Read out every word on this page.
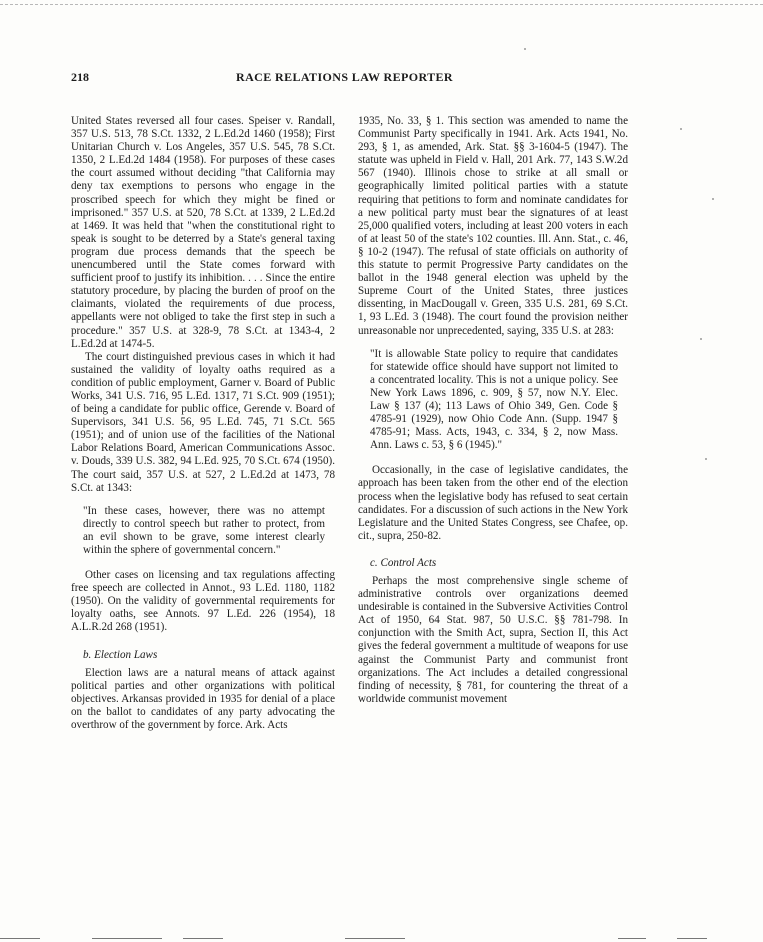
218	RACE RELATIONS LAW REPORTER

United States reversed all four cases. Speiser v. Randall, 357 U.S. 513, 78 S.Ct. 1332, 2 L.Ed.2d 1460 (1958); First Unitarian Church v. Los Angeles, 357 U.S. 545, 78 S.Ct. 1350, 2 L.Ed.2d 1484 (1958). For purposes of these cases the court assumed without deciding "that California may deny tax exemptions to persons who engage in the proscribed speech for which they might be fined or imprisoned." 357 U.S. at 520, 78 S.Ct. at 1339, 2 L.Ed.2d at 1469. It was held that "when the constitutional right to speak is sought to be deterred by a State's general taxing program due process demands that the speech be unencumbered until the State comes forward with sufficient proof to justify its inhibition. . . . Since the entire statutory procedure, by placing the burden of proof on the claimants, violated the requirements of due process, appellants were not obliged to take the first step in such a procedure." 357 U.S. at 328-9, 78 S.Ct. at 1343-4, 2 L.Ed.2d at 1474-5.

The court distinguished previous cases in which it had sustained the validity of loyalty oaths required as a condition of public employment, Garner v. Board of Public Works, 341 U.S. 716, 95 L.Ed. 1317, 71 S.Ct. 909 (1951); of being a candidate for public office, Gerende v. Board of Supervisors, 341 U.S. 56, 95 L.Ed. 745, 71 S.Ct. 565 (1951); and of union use of the facilities of the National Labor Relations Board, American Communications Assoc. v. Douds, 339 U.S. 382, 94 L.Ed. 925, 70 S.Ct. 674 (1950). The court said, 357 U.S. at 527, 2 L.Ed.2d at 1473, 78 S.Ct. at 1343:

"In these cases, however, there was no attempt directly to control speech but rather to protect, from an evil shown to be grave, some interest clearly within the sphere of governmental concern."

Other cases on licensing and tax regulations affecting free speech are collected in Annot., 93 L.Ed. 1180, 1182 (1950). On the validity of governmental requirements for loyalty oaths, see Annots. 97 L.Ed. 226 (1954), 18 A.L.R.2d 268 (1951).

b. Election Laws

Election laws are a natural means of attack against political parties and other organizations with political objectives. Arkansas provided in 1935 for denial of a place on the ballot to candidates of any party advocating the overthrow of the government by force. Ark. Acts

1935, No. 33, § 1. This section was amended to name the Communist Party specifically in 1941. Ark. Acts 1941, No. 293, § 1, as amended, Ark. Stat. §§ 3-1604-5 (1947). The statute was upheld in Field v. Hall, 201 Ark. 77, 143 S.W.2d 567 (1940). Illinois chose to strike at all small or geographically limited political parties with a statute requiring that petitions to form and nominate candidates for a new political party must bear the signatures of at least 25,000 qualified voters, including at least 200 voters in each of at least 50 of the state's 102 counties. Ill. Ann. Stat., c. 46, § 10-2 (1947). The refusal of state officials on authority of this statute to permit Progressive Party candidates on the ballot in the 1948 general election was upheld by the Supreme Court of the United States, three justices dissenting, in MacDougall v. Green, 335 U.S. 281, 69 S.Ct. 1, 93 L.Ed. 3 (1948). The court found the provision neither unreasonable nor unprecedented, saying, 335 U.S. at 283:

"It is allowable State policy to require that candidates for statewide office should have support not limited to a concentrated locality. This is not a unique policy. See New York Laws 1896, c. 909, § 57, now N.Y. Elec. Law § 137 (4); 113 Laws of Ohio 349, Gen. Code § 4785-91 (1929), now Ohio Code Ann. (Supp. 1947 § 4785-91; Mass. Acts, 1943, c. 334, § 2, now Mass. Ann. Laws c. 53, § 6 (1945)."

Occasionally, in the case of legislative candidates, the approach has been taken from the other end of the election process when the legislative body has refused to seat certain candidates. For a discussion of such actions in the New York Legislature and the United States Congress, see Chafee, op. cit., supra, 250-82.

c. Control Acts

Perhaps the most comprehensive single scheme of administrative controls over organizations deemed undesirable is contained in the Subversive Activities Control Act of 1950, 64 Stat. 987, 50 U.S.C. §§ 781-798. In conjunction with the Smith Act, supra, Section II, this Act gives the federal government a multitude of weapons for use against the Communist Party and communist front organizations. The Act includes a detailed congressional finding of necessity, § 781, for countering the threat of a worldwide communist movement
